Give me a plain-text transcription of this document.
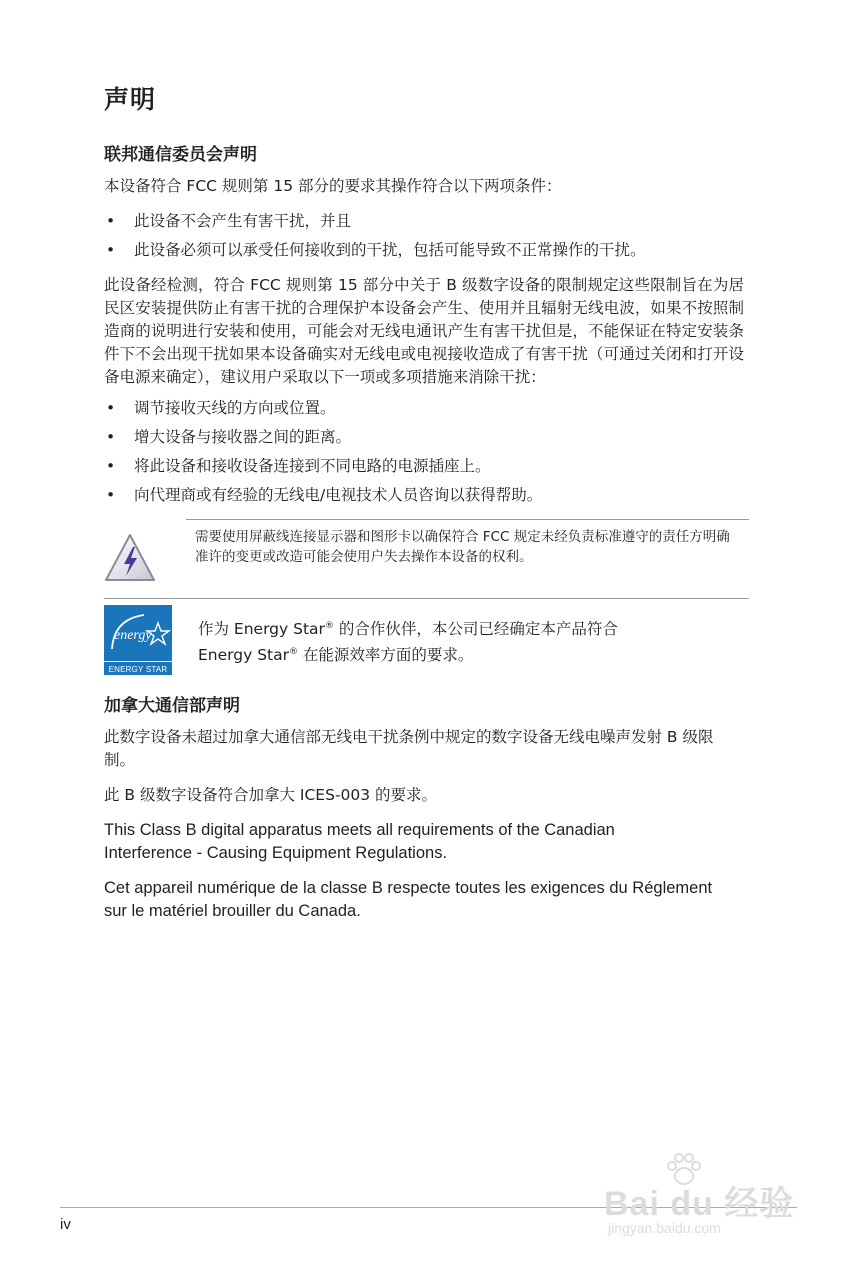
声明
联邦通信委员会声明

本设备符合 FCC 规则第 15 部分的要求其操作符合以下两项条件：

• 此设备不会产生有害干扰，并且
• 此设备必须可以承受任何接收到的干扰，包括可能导致不正常操作的干扰。

此设备经检测，符合 FCC 规则第 15 部分中关于 B 级数字设备的限制规定这些限制旨在为居民区安装提供防止有害干扰的合理保护本设备会产生、使用并且辐射无线电波，如果不按照制造商的说明进行安装和使用，可能会对无线电通讯产生有害干扰但是，不能保证在特定安装条件下不会出现干扰如果本设备确实对无线电或电视接收造成了有害干扰（可通过关闭和打开设备电源来确定），建议用户采取以下一项或多项措施来消除干扰：

• 调节接收天线的方向或位置。
• 增大设备与接收器之间的距离。
• 将此设备和接收设备连接到不同电路的电源插座上。
• 向代理商或有经验的无线电/电视技术人员咨询以获得帮助。
需要使用屏蔽线连接显示器和图形卡以确保符合 FCC 规定未经负责标准遵守的责任方明确准许的变更或改造可能会使用户失去操作本设备的权利。
energy
ENERGY STAR
作为 Energy Star® 的合作伙伴，本公司已经确定本产品符合
Energy Star® 在能源效率方面的要求。
加拿大通信部声明

此数字设备未超过加拿大通信部无线电干扰条例中规定的数字设备无线电噪声发射 B 级限制。

此 B 级数字设备符合加拿大 ICES-003 的要求。

This Class B digital apparatus meets all requirements of the Canadian Interference - Causing Equipment Regulations.

Cet appareil numérique de la classe B respecte toutes les exigences du Réglement sur le matériel brouiller du Canada.

iv
Bai du 经验
jingyan.baidu.com
